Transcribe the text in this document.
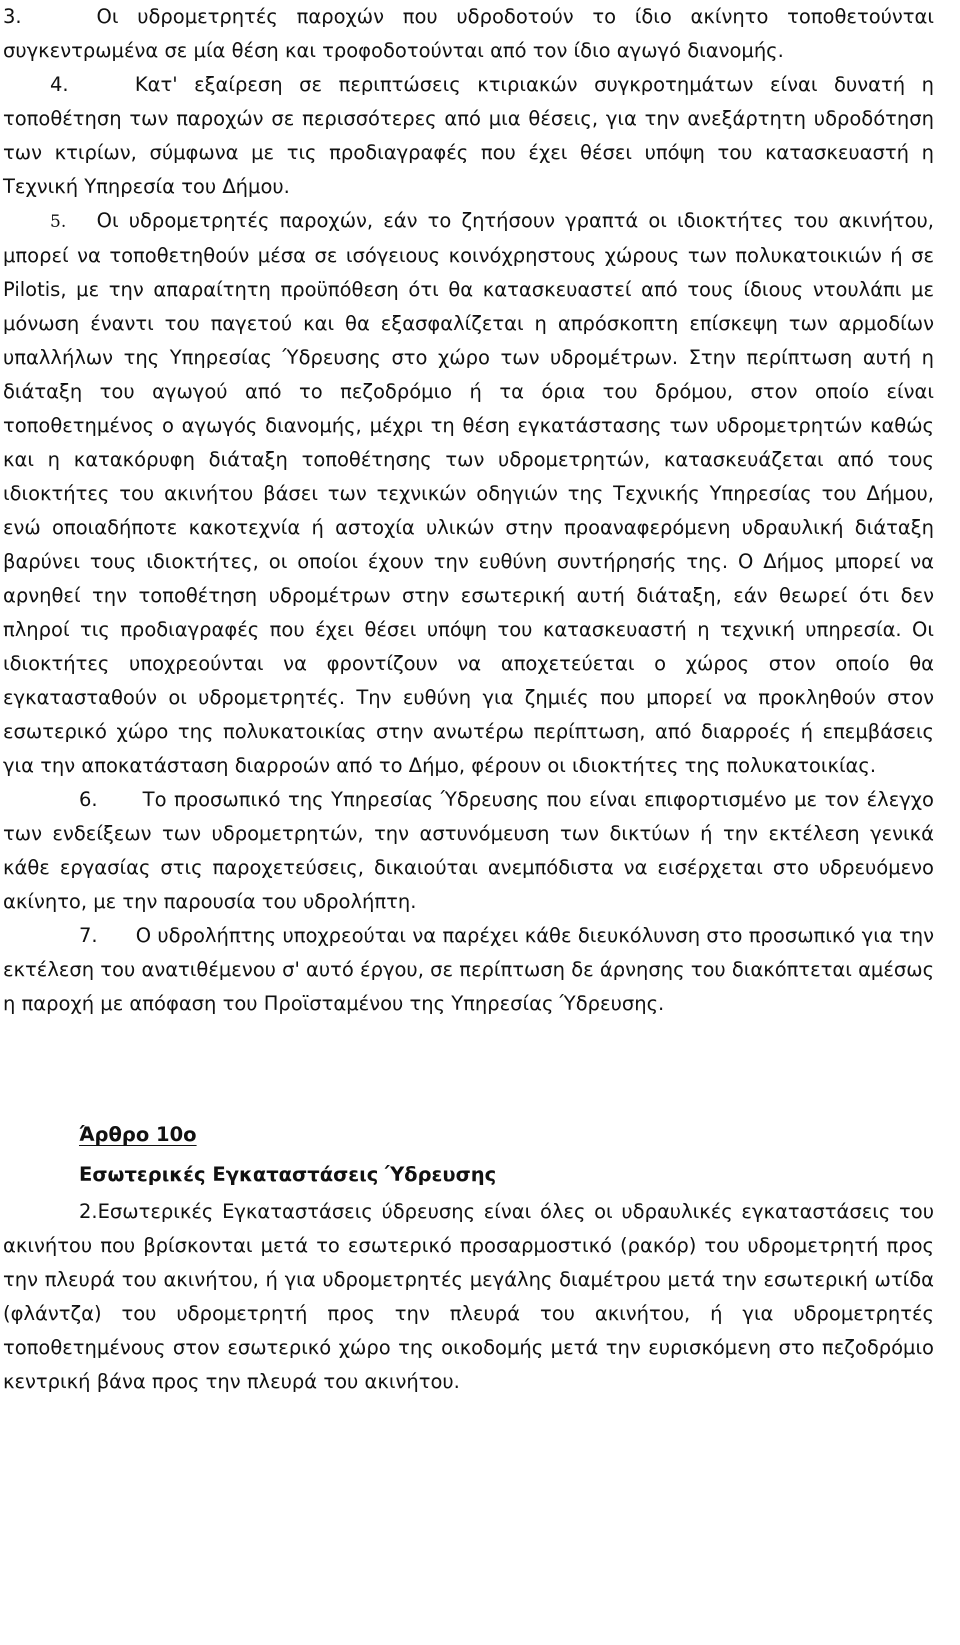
3.	Οι υδρομετρητές παροχών που υδροδοτούν το ίδιο ακίνητο τοποθετούνται συγκεντρωμένα σε μία θέση και τροφοδοτούνται από τον ίδιο αγωγό διανομής.

4.	Κατ' εξαίρεση σε περιπτώσεις κτιριακών συγκροτημάτων είναι δυνατή η τοποθέτηση των παροχών σε περισσότερες από μια θέσεις, για την ανεξάρτητη υδροδότηση των κτιρίων, σύμφωνα με τις προδιαγραφές που έχει θέσει υπόψη του κατασκευαστή η Τεχνική Υπηρεσία του Δήμου.

5. Οι υδρομετρητές παροχών, εάν το ζητήσουν γραπτά οι ιδιοκτήτες του ακινήτου, μπορεί να τοποθετηθούν μέσα σε ισόγειους κοινόχρηστους χώρους των πολυκατοικιών ή σε Pilotis, με την απαραίτητη προϋπόθεση ότι θα κατασκευαστεί από τους ίδιους ντουλάπι με μόνωση έναντι του παγετού και θα εξασφαλίζεται η απρόσκοπτη επίσκεψη των αρμοδίων υπαλλήλων της Υπηρεσίας Ύδρευσης στο χώρο των υδρομέτρων. Στην περίπτωση αυτή η διάταξη του αγωγού από το πεζοδρόμιο ή τα όρια του δρόμου, στον οποίο είναι τοποθετημένος ο αγωγός διανομής, μέχρι τη θέση εγκατάστασης των υδρομετρητών καθώς και η κατακόρυφη διάταξη τοποθέτησης των υδρομετρητών, κατασκευάζεται από τους ιδιοκτήτες του ακινήτου βάσει των τεχνικών οδηγιών της Τεχνικής Υπηρεσίας του Δήμου, ενώ οποιαδήποτε κακοτεχνία ή αστοχία υλικών στην προαναφερόμενη υδραυλική διάταξη βαρύνει τους ιδιοκτήτες, οι οποίοι έχουν την ευθύνη συντήρησής της. Ο Δήμος μπορεί να αρνηθεί την τοποθέτηση υδρομέτρων στην εσωτερική αυτή διάταξη, εάν θεωρεί ότι δεν πληροί τις προδιαγραφές που έχει θέσει υπόψη του κατασκευαστή η τεχνική υπηρεσία. Οι ιδιοκτήτες υποχρεούνται να φροντίζουν να αποχετεύεται ο χώρος στον οποίο θα εγκατασταθούν οι υδρομετρητές. Την ευθύνη για ζημιές που μπορεί να προκληθούν στον εσωτερικό χώρο της πολυκατοικίας στην ανωτέρω περίπτωση, από διαρροές ή επεμβάσεις για την αποκατάσταση διαρροών από το Δήμο, φέρουν οι ιδιοκτήτες της πολυκατοικίας.

6. Το προσωπικό της Υπηρεσίας Ύδρευσης που είναι επιφορτισμένο με τον έλεγχο των ενδείξεων των υδρομετρητών, την αστυνόμευση των δικτύων ή την εκτέλεση γενικά κάθε εργασίας στις παροχετεύσεις, δικαιούται ανεμπόδιστα να εισέρχεται στο υδρευόμενο ακίνητο, με την παρουσία του υδρολήπτη.

7. Ο υδρολήπτης υποχρεούται να παρέχει κάθε διευκόλυνση στο προσωπικό για την εκτέλεση του ανατιθέμενου σ' αυτό έργου, σε περίπτωση δε άρνησης του διακόπτεται αμέσως η παροχή με απόφαση του Προϊσταμένου της Υπηρεσίας Ύδρευσης.

Άρθρο 10ο

Εσωτερικές Εγκαταστάσεις Ύδρευσης

2.Εσωτερικές Εγκαταστάσεις ύδρευσης είναι όλες οι υδραυλικές εγκαταστάσεις του ακινήτου που βρίσκονται μετά το εσωτερικό προσαρμοστικό (ρακόρ) του υδρομετρητή προς την πλευρά του ακινήτου, ή για υδρομετρητές μεγάλης διαμέτρου μετά την εσωτερική ωτίδα (φλάντζα) του υδρομετρητή προς την πλευρά του ακινήτου, ή για υδρομετρητές τοποθετημένους στον εσωτερικό χώρο της οικοδομής μετά την ευρισκόμενη στο πεζοδρόμιο κεντρική βάνα προς την πλευρά του ακινήτου.
